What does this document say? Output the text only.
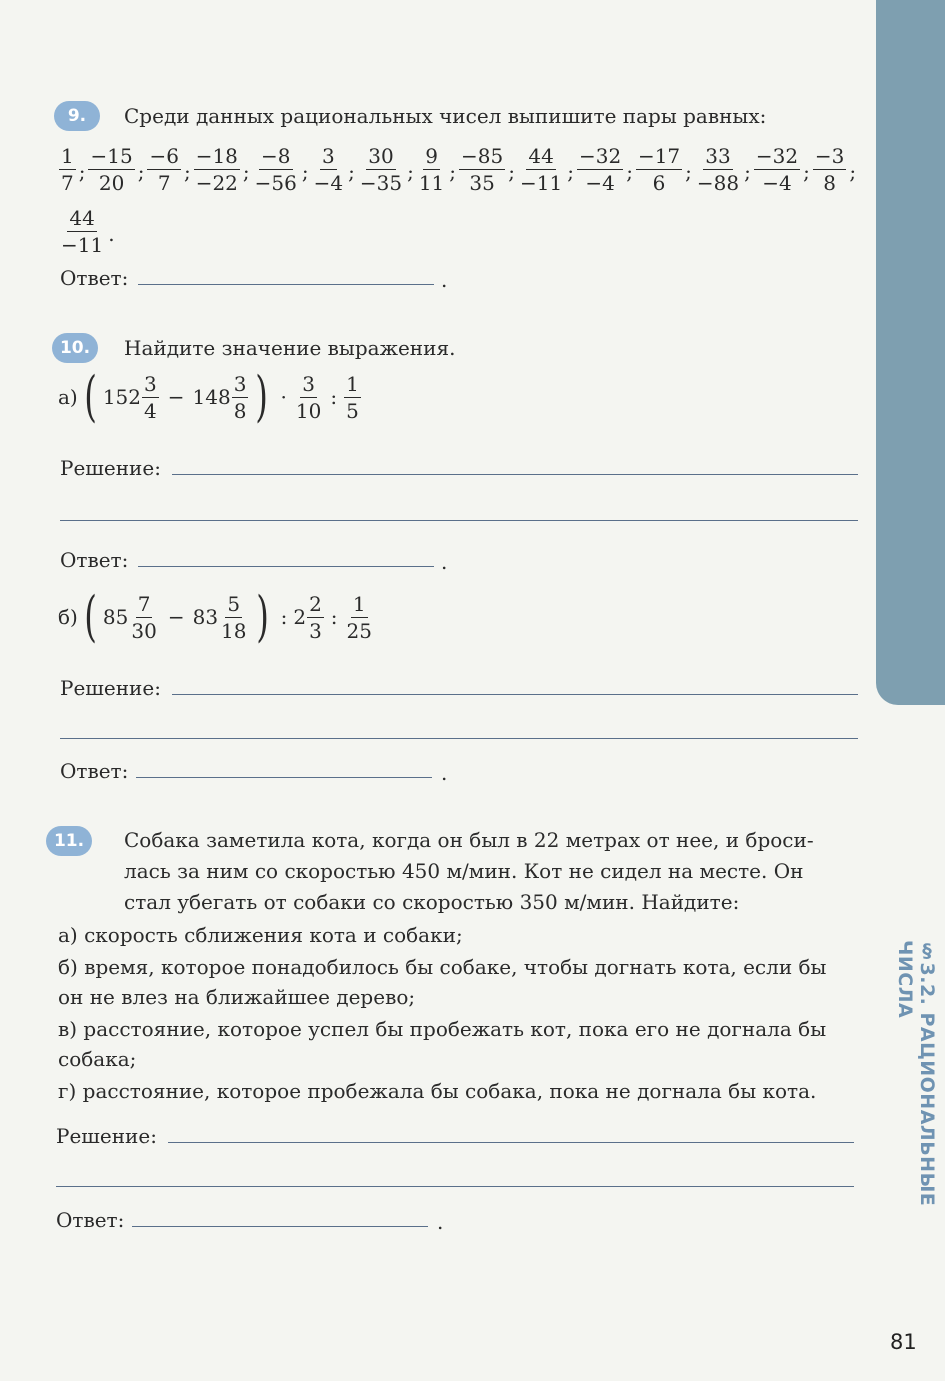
§3.2. РАЦИОНАЛЬНЫЕ ЧИСЛА
81
9.	Среди данных рациональных чисел выпишите пары равных:
$\frac{1}{7}$ ; $\frac{-15}{20}$ ; $\frac{-6}{7}$ ; $\frac{-18}{-22}$ ; $\frac{-8}{-56}$ ; $\frac{3}{-4}$ ; $\frac{30}{-35}$ ; $\frac{9}{11}$ ; $\frac{-85}{35}$ ; $\frac{44}{-11}$ ; $\frac{-32}{-4}$ ; $\frac{-17}{6}$ ; $\frac{33}{-88}$ ; $\frac{-32}{-4}$ ; $\frac{-3}{8}$ ;
$\frac{44}{-11}$ .
Ответ:	.
10.	Найдите значение выражения.
а) ( $152 \frac{3}{4} - 148 \frac{3}{8}$ ) · $\frac{3}{10}$ : $\frac{1}{5}$
Решение:
Ответ:	.
б) ( $85 \frac{7}{30} - 83 \frac{5}{18}$ ) : $2 \frac{2}{3}$ : $\frac{1}{25}$
Решение:
Ответ:	.
11.	Собака заметила кота, когда он был в 22 метрах от нее, и броси-
лась за ним со скоростью 450 м/мин. Кот не сидел на месте. Он
стал убегать от собаки со скоростью 350 м/мин. Найдите:
а) скорость сближения кота и собаки;
б) время, которое понадобилось бы собаке, чтобы догнать кота, если бы он не влез на ближайшее дерево;
в) расстояние, которое успел бы пробежать кот, пока его не догнала бы собака;
г) расстояние, которое пробежала бы собака, пока не догнала бы кота.
Решение:
Ответ:	.
